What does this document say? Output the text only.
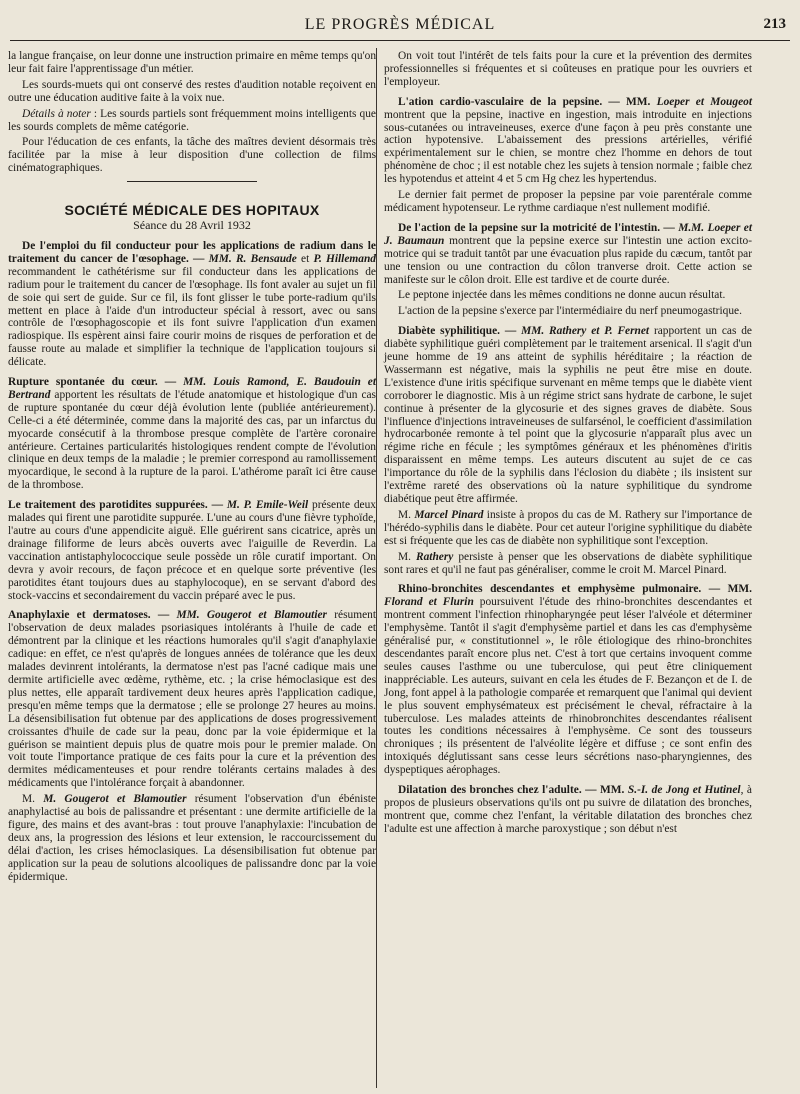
LE PROGRÈS MÉDICAL	213

la langue française, on leur donne une instruction primaire en même temps qu'on leur fait faire l'apprentissage d'un métier.

Les sourds-muets qui ont conservé des restes d'audition notable reçoivent en outre une éducation auditive faite à la voix nue.

Détails à noter : Les sourds partiels sont fréquemment moins intelligents que les sourds complets de même catégorie.

Pour l'éducation de ces enfants, la tâche des maîtres devient désormais très facilitée par la mise à leur disposition d'une collection de films cinématographiques.

SOCIÉTÉ MÉDICALE DES HOPITAUX
Séance du 28 Avril 1932

De l'emploi du fil conducteur pour les applications de radium dans le traitement du cancer de l'œsophage. — MM. R. Bensaude et P. Hillemand recommandent le cathétérisme sur fil conducteur dans les applications de radium pour le traitement du cancer de l'œsophage. Ils font avaler au sujet un fil de soie qui sert de guide. Sur ce fil, ils font glisser le tube porte-radium qu'ils mettent en place à l'aide d'un introducteur spécial à ressort, avec ou sans contrôle de l'œsophagoscopie et ils font suivre l'application d'un examen radiospique. Ils espèrent ainsi faire courir moins de risques de perforation et de fausse route au malade et simplifier la technique de l'application toujours si délicate.

Rupture spontanée du cœur. — MM. Louis Ramond, E. Baudouin et Bertrand apportent les résultats de l'étude anatomique et histologique d'un cas de rupture spontanée du cœur déjà évolution lente (publiée antérieurement). Celle-ci a été déterminée, comme dans la majorité des cas, par un infarctus du myocarde consécutif à la thrombose presque complète de l'artère coronaire antérieure. Certaines particularités histologiques rendent compte de l'évolution clinique en deux temps de la maladie ; le premier correspond au ramollissement myocardique, le second à la rupture de la paroi. L'athérome paraît ici être cause de la thrombose.

Le traitement des parotidites suppurées. — M. P. Emile-Weil présente deux malades qui firent une parotidite suppurée. L'une au cours d'une fièvre typhoïde, l'autre au cours d'une appendicite aiguë. Elle guérirent sans cicatrice, après un drainage filiforme de leurs abcès ouverts avec l'aiguille de Reverdin. La vaccination antistaphylococcique seule possède un rôle curatif important. On devra y avoir recours, de façon précoce et en quelque sorte préventive (les parotidites étant toujours dues au staphylocoque), en se servant d'abord des stock-vaccins et secondairement du vaccin préparé avec le pus.

Anaphylaxie et dermatoses. — MM. Gougerot et Blamoutier résument l'observation de deux malades psoriasiques intolérants à l'huile de cade et démontrent par la clinique et les réactions humorales qu'il s'agit d'anaphylaxie cadique: en effet, ce n'est qu'après de longues années de tolérance que les deux malades devinrent intolérants, la dermatose n'est pas l'acné cadique mais une dermite artificielle avec œdème, rythème, etc. ; la crise hémoclasique est des plus nettes, elle apparaît tardivement deux heures après l'application cadique, presqu'en même temps que la dermatose ; elle se prolonge 27 heures au moins. La désensibilisation fut obtenue par des applications de doses progressivement croissantes d'huile de cade sur la peau, donc par la voie épidermique et la guérison se maintient depuis plus de quatre mois pour le premier malade. On voit toute l'importance pratique de ces faits pour la cure et la prévention des dermites médicamenteuses et pour rendre tolérants certains malades à des médicaments que l'intolérance forçait à abandonner.

M. M. Gougerot et Blamoutier résument l'observation d'un ébéniste anaphylactisé au bois de palissandre et présentant : une dermite artificielle de la figure, des mains et des avant-bras : tout prouve l'anaphylaxie: l'incubation de deux ans, la progression des lésions et leur extension, le raccourcissement du délai d'action, les crises hémoclasiques. La désensibilisation fut obtenue par application sur la peau de solutions alcooliques de palissandre donc par la voie épidermique.

On voit tout l'intérêt de tels faits pour la cure et la prévention des dermites professionnelles si fréquentes et si coûteuses en pratique pour les ouvriers et l'employeur.

L'ation cardio-vasculaire de la pepsine. — MM. Loeper et Mougeot montrent que la pepsine, inactive en ingestion, mais introduite en injections sous-cutanées ou intraveineuses, exerce d'une façon à peu près constante une action hypotensive. L'abaissement des pressions artérielles, vérifié expérimentalement sur le chien, se montre chez l'homme en dehors de tout phénomène de choc ; il est notable chez les sujets à tension normale ; faible chez les hypotendus et atteint 4 et 5 cm Hg chez les hypertendus.

Le dernier fait permet de proposer la pepsine par voie parentérale comme médicament hypotenseur. Le rythme cardiaque n'est nullement modifié.

De l'action de la pepsine sur la motricité de l'intestin. — M.M. Loeper et J. Baumaun montrent que la pepsine exerce sur l'intestin une action excito-motrice qui se traduit tantôt par une évacuation plus rapide du cæcum, tantôt par une tension ou une contraction du côlon tranverse droit. Cette action se manifeste sur le côlon droit. Elle est tardive et de courte durée.

Le peptone injectée dans les mêmes conditions ne donne aucun résultat.

L'action de la pepsine s'exerce par l'intermédiaire du nerf pneumogastrique.

Diabète syphilitique. — MM. Rathery et P. Fernet rapportent un cas de diabète syphilitique guéri complètement par le traitement arsenical. Il s'agit d'un jeune homme de 19 ans atteint de syphilis héréditaire ; la réaction de Wassermann est négative, mais la syphilis ne peut être mise en doute. L'existence d'une iritis spécifique survenant en même temps que le diabète vient corroborer le diagnostic. Mis à un régime strict sans hydrate de carbone, le sujet continue à présenter de la glycosurie et des signes graves de diabète. Sous l'influence d'injections intraveineuses de sulfarsénol, le coefficient d'assimilation hydrocarbonée remonte à tel point que la glycosurie n'apparaît plus avec un régime riche en fécule ; les symptômes généraux et les phénomènes d'iritis disparaissent en même temps. Les auteurs discutent au sujet de ce cas l'importance du rôle de la syphilis dans l'éclosion du diabète ; ils insistent sur l'extrême rareté des observations où la nature syphilitique du syndrome diabétique peut être affirmée.

M. Marcel Pinard insiste à propos du cas de M. Rathery sur l'importance de l'hérédo-syphilis dans le diabète. Pour cet auteur l'origine syphilitique du diabète est si fréquente que les cas de diabète non syphilitique sont l'exception.

M. Rathery persiste à penser que les observations de diabète syphilitique sont rares et qu'il ne faut pas généraliser, comme le croit M. Marcel Pinard.

Rhino-bronchites descendantes et emphysème pulmonaire. — MM. Florand et Flurin poursuivent l'étude des rhino-bronchites descendantes et montrent comment l'infection rhinopharyngée peut léser l'alvéole et déterminer l'emphysème. Tantôt il s'agit d'emphysème partiel et dans les cas d'emphysème généralisé pur, « constitutionnel », le rôle étiologique des rhino-bronchites descendantes paraît encore plus net. C'est à tort que certains invoquent comme seules causes l'asthme ou une tuberculose, qui peut être cliniquement inappréciable. Les auteurs, suivant en cela les études de F. Bezançon et de I. de Jong, font appel à la pathologie comparée et remarquent que l'animal qui devient le plus souvent emphysémateux est précisément le cheval, réfractaire à la tuberculose. Les malades atteints de rhinobronchites descendantes réalisent toutes les conditions nécessaires à l'emphysème. Ce sont des tousseurs chroniques ; ils présentent de l'alvéolite légère et diffuse ; ce sont enfin des intoxiqués déglutissant sans cesse leurs sécrétions naso-pharyngiennes, des dyspeptiques aérophages.

Dilatation des bronches chez l'adulte. — MM. S.-I. de Jong et Hutinel, à propos de plusieurs observations qu'ils ont pu suivre de dilatation des bronches, montrent que, comme chez l'enfant, la véritable dilatation des bronches chez l'adulte est une affection à marche paroxystique ; son début n'est
